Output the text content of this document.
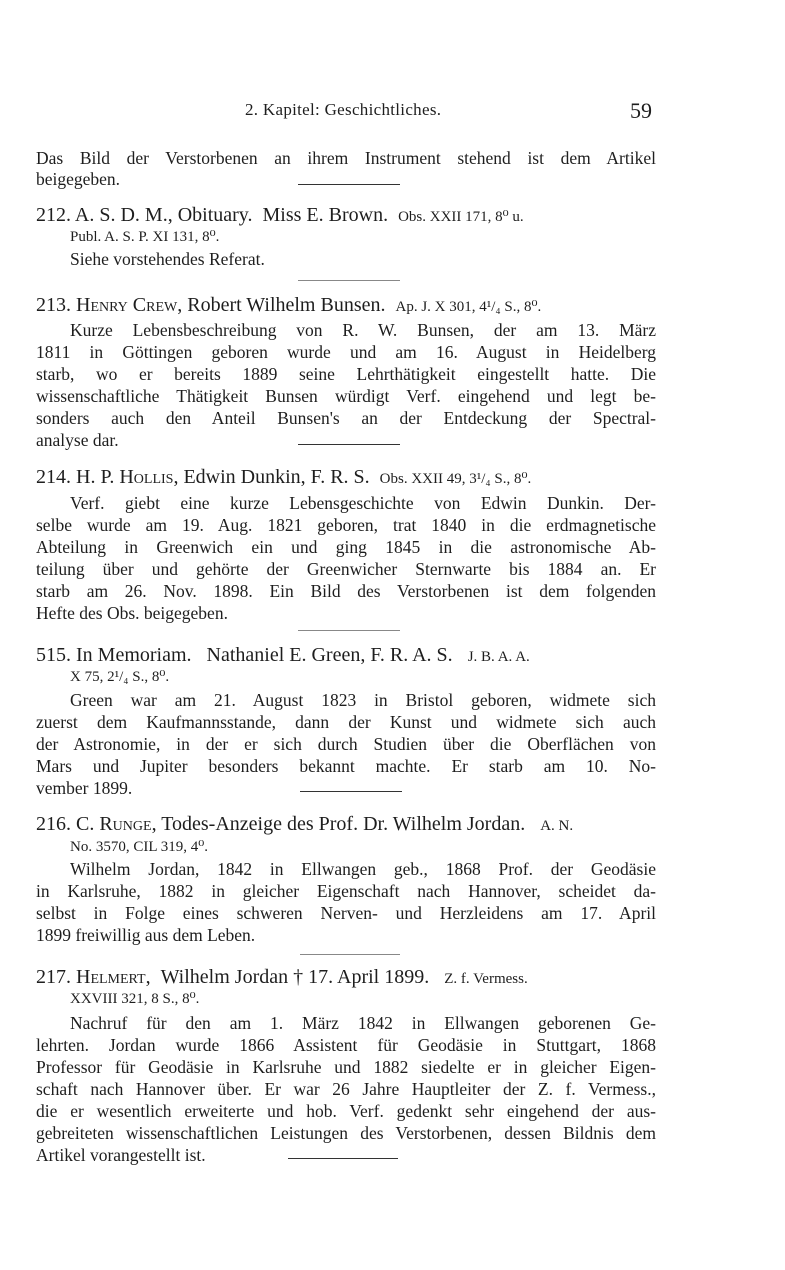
2. Kapitel: Geschichtliches.	59
Das Bild der Verstorbenen an ihrem Instrument stehend ist dem Artikel
beigegeben.
212. A. S. D. M., Obituary. Miss E. Brown. Obs. XXII 171, 8⁰ u.
Publ. A. S. P. XI 131, 8⁰.
Siehe vorstehendes Referat.
213. Henry Crew, Robert Wilhelm Bunsen. Ap. J. X 301, 4¹/₄ S., 8⁰.
Kurze Lebensbeschreibung von R. W. Bunsen, der am 13. März
1811 in Göttingen geboren wurde und am 16. August in Heidelberg
starb, wo er bereits 1889 seine Lehrthätigkeit eingestellt hatte. Die
wissenschaftliche Thätigkeit Bunsen würdigt Verf. eingehend und legt be-
sonders auch den Anteil Bunsen's an der Entdeckung der Spectral-
analyse dar.
214. H. P. Hollis, Edwin Dunkin, F. R. S. Obs. XXII 49, 3¹/₄ S., 8⁰.
Verf. giebt eine kurze Lebensgeschichte von Edwin Dunkin. Der-
selbe wurde am 19. Aug. 1821 geboren, trat 1840 in die erdmagnetische
Abteilung in Greenwich ein und ging 1845 in die astronomische Ab-
teilung über und gehörte der Greenwicher Sternwarte bis 1884 an. Er
starb am 26. Nov. 1898. Ein Bild des Verstorbenen ist dem folgenden
Hefte des Obs. beigegeben.
515. In Memoriam. Nathaniel E. Green, F. R. A. S. J. B. A. A.
X 75, 2¹/₄ S., 8⁰.
Green war am 21. August 1823 in Bristol geboren, widmete sich
zuerst dem Kaufmannsstande, dann der Kunst und widmete sich auch
der Astronomie, in der er sich durch Studien über die Oberflächen von
Mars und Jupiter besonders bekannt machte. Er starb am 10. No-
vember 1899.
216. C. Runge, Todes-Anzeige des Prof. Dr. Wilhelm Jordan. A. N.
No. 3570, CIL 319, 4⁰.
Wilhelm Jordan, 1842 in Ellwangen geb., 1868 Prof. der Geodäsie
in Karlsruhe, 1882 in gleicher Eigenschaft nach Hannover, scheidet da-
selbst in Folge eines schweren Nerven- und Herzleidens am 17. April
1899 freiwillig aus dem Leben.
217. Helmert, Wilhelm Jordan † 17. April 1899. Z. f. Vermess.
XXVIII 321, 8 S., 8⁰.
Nachruf für den am 1. März 1842 in Ellwangen geborenen Ge-
lehrten. Jordan wurde 1866 Assistent für Geodäsie in Stuttgart, 1868
Professor für Geodäsie in Karlsruhe und 1882 siedelte er in gleicher Eigen-
schaft nach Hannover über. Er war 26 Jahre Hauptleiter der Z. f. Vermess.,
die er wesentlich erweiterte und hob. Verf. gedenkt sehr eingehend der aus-
gebreiteten wissenschaftlichen Leistungen des Verstorbenen, dessen Bildnis dem
Artikel vorangestellt ist.
